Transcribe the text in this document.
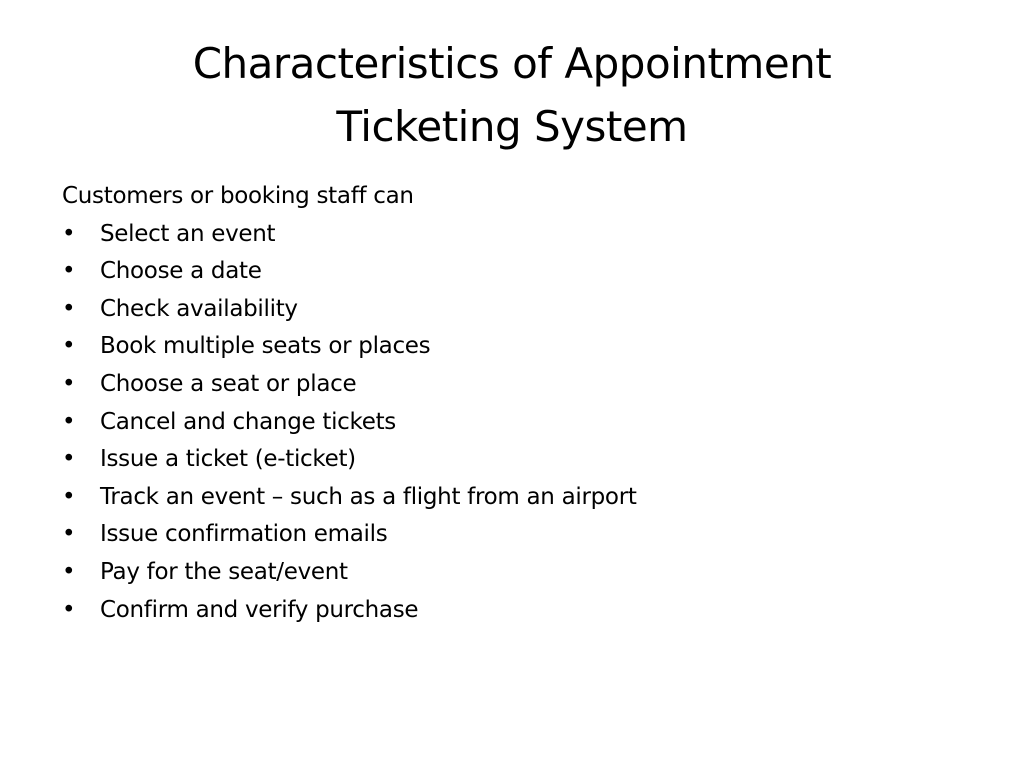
Characteristics of Appointment
Ticketing System

Customers or booking staff can

• Select an event
• Choose a date
• Check availability
• Book multiple seats or places
• Choose a seat or place
• Cancel and change tickets
• Issue a ticket (e-ticket)
• Track an event – such as a flight from an airport
• Issue confirmation emails
• Pay for the seat/event
• Confirm and verify purchase
